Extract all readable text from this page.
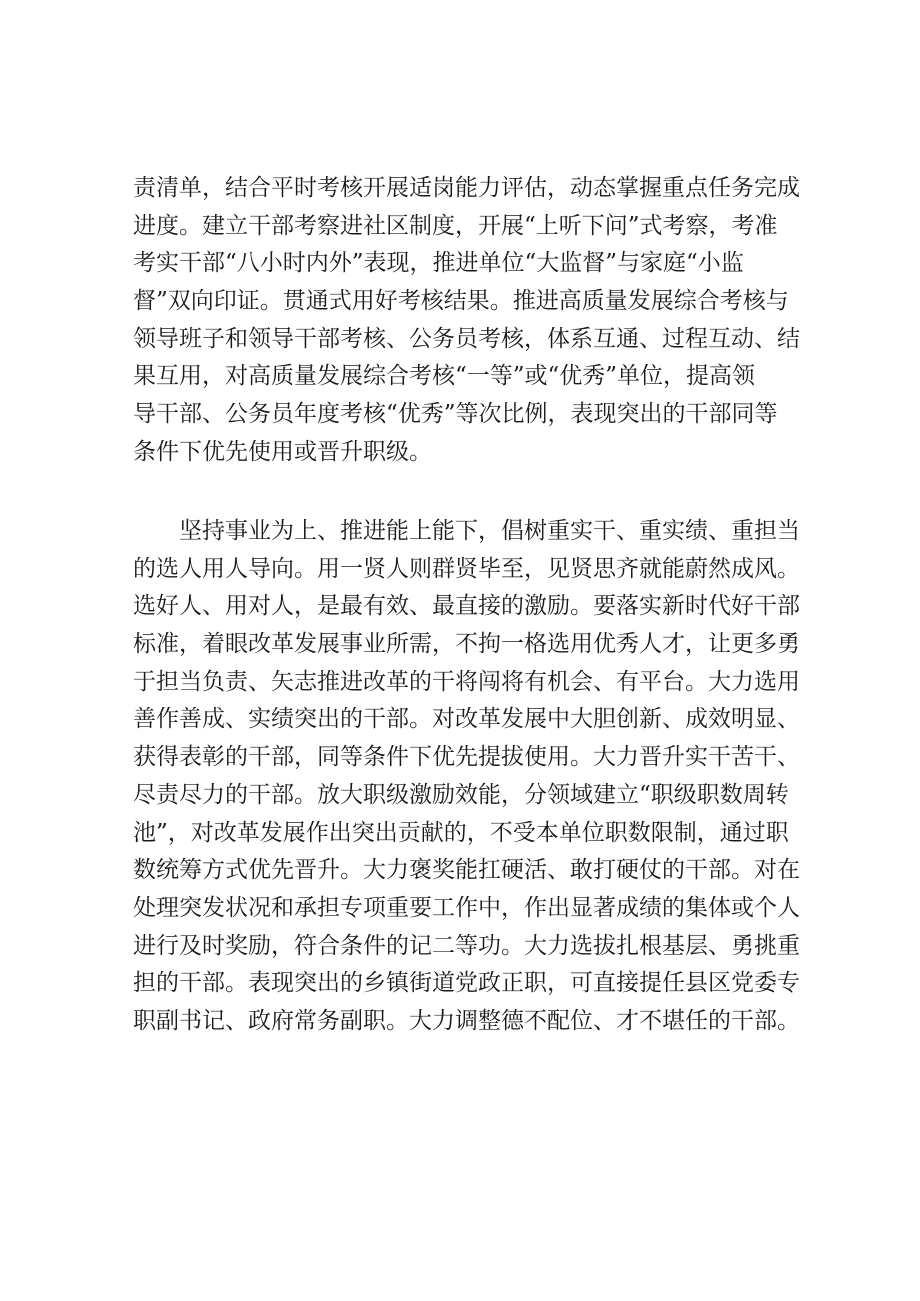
责清单，结合平时考核开展适岗能力评估，动态掌握重点任务完成
进度。建立干部考察进社区制度，开展“上听下问”式考察，考准
考实干部“八小时内外”表现，推进单位“大监督”与家庭“小监
督”双向印证。贯通式用好考核结果。推进高质量发展综合考核与
领导班子和领导干部考核、公务员考核，体系互通、过程互动、结
果互用，对高质量发展综合考核“一等”或“优秀”单位，提高领
导干部、公务员年度考核“优秀”等次比例，表现突出的干部同等
条件下优先使用或晋升职级。
　　坚持事业为上、推进能上能下，倡树重实干、重实绩、重担当
的选人用人导向。用一贤人则群贤毕至，见贤思齐就能蔚然成风。
选好人、用对人，是最有效、最直接的激励。要落实新时代好干部
标准，着眼改革发展事业所需，不拘一格选用优秀人才，让更多勇
于担当负责、矢志推进改革的干将闯将有机会、有平台。大力选用
善作善成、实绩突出的干部。对改革发展中大胆创新、成效明显、
获得表彰的干部，同等条件下优先提拔使用。大力晋升实干苦干、
尽责尽力的干部。放大职级激励效能，分领域建立“职级职数周转
池”，对改革发展作出突出贡献的，不受本单位职数限制，通过职
数统筹方式优先晋升。大力褒奖能扛硬活、敢打硬仗的干部。对在
处理突发状况和承担专项重要工作中，作出显著成绩的集体或个人
进行及时奖励，符合条件的记二等功。大力选拔扎根基层、勇挑重
担的干部。表现突出的乡镇街道党政正职，可直接提任县区党委专
职副书记、政府常务副职。大力调整德不配位、才不堪任的干部。
